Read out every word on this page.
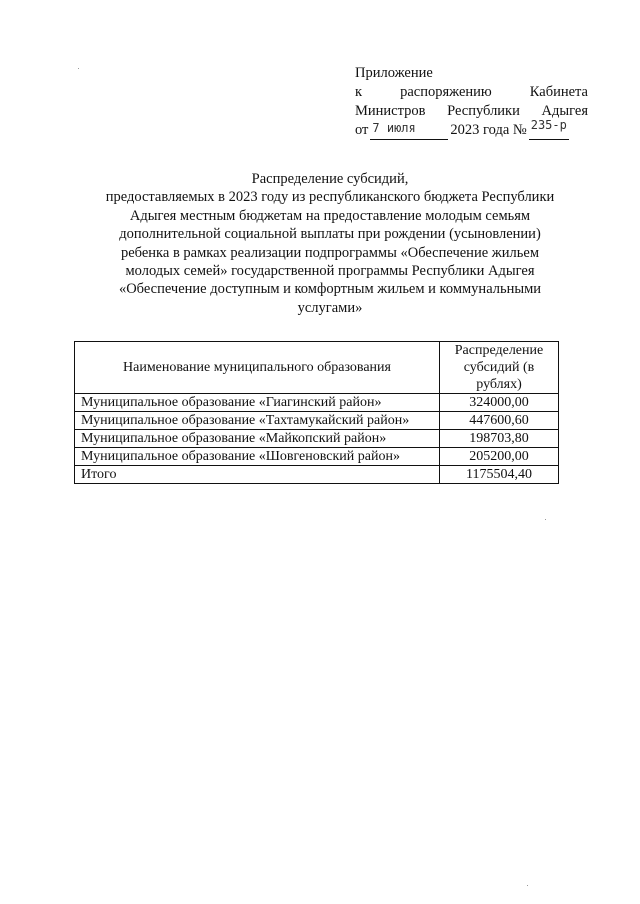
Приложение
к	распоряжению	Кабинета
Министров Республики Адыгея
от 7 июля 2023 года № 235-р
Распределение субсидий,
предоставляемых в 2023 году из республиканского бюджета Республики
Адыгея местным бюджетам на предоставление молодым семьям
дополнительной социальной выплаты при рождении (усыновлении)
ребенка в рамках реализации подпрограммы «Обеспечение жильем
молодых семей» государственной программы Республики Адыгея
«Обеспечение доступным и комфортным жильем и коммунальными
услугами»
Наименование муниципального образования	Распределение
субсидий (в рублях)

Муниципальное образование «Гиагинский район»	324000,00
Муниципальное образование «Тахтамукайский район»	447600,60
Муниципальное образование «Майкопский район»	198703,80
Муниципальное образование «Шовгеновский район»	205200,00
Итого	1175504,40
